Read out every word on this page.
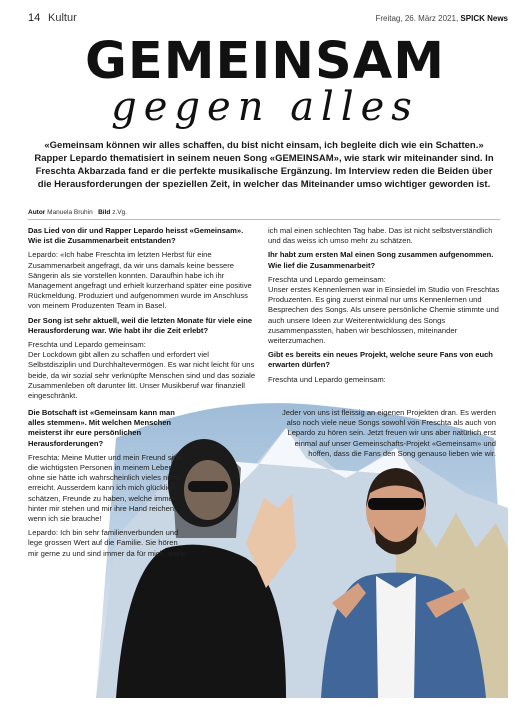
14 Kultur	Freitag, 26. März 2021, SPICK News
GEMEINSAM
gegen alles
«Gemeinsam können wir alles schaffen, du bist nicht einsam, ich begleite dich wie ein Schatten.» Rapper Lepardo thematisiert in seinem neuen Song «GEMEINSAM», wie stark wir miteinander sind. In Freschta Akbarzada fand er die perfekte musikalische Ergänzung. Im Interview reden die Beiden über die Herausforderungen der speziellen Zeit, in welcher das Miteinander umso wichtiger geworden ist.
Autor Manuela Bruhin Bild z.Vg.

Das Lied von dir und Rapper Lepardo heisst «Gemeinsam». Wie ist die Zusammenarbeit entstanden?

Lepardo: «Ich habe Freschta im letzten Herbst für eine Zusammenarbeit angefragt, da wir uns damals keine bessere Sängerin als sie vorstellen konnten. Daraufhin habe ich ihr Management angefragt und erhielt kurzerhand später eine positive Rückmeldung. Produziert und aufgenommen wurde im Anschluss von meinem Produzenten Team in Basel.

Der Song ist sehr aktuell, weil die letzten Monate für viele eine Herausforderung war. Wie habt ihr die Zeit erlebt?

Freschta und Lepardo gemeinsam:

Der Lockdown gibt allen zu schaffen und erfordert viel Selbstdisziplin und Durchhaltevermögen. Es war nicht leicht für uns beide, da wir sozial sehr verknüpfte Menschen sind und das soziale Zusammenleben oft darunter litt. Unser Musikberuf war finanziell eingeschränkt.

ich mal einen schlechten Tag habe. Das ist nicht selbstverständlich und das weiss ich umso mehr zu schätzen.

Ihr habt zum ersten Mal einen Song zusammen aufgenommen. Wie lief die Zusammenarbeit?

Freschta und Lepardo gemeinsam:

Unser erstes Kennenlernen war in Einsiedel im Studio von Freschtas Produzenten. Es ging zuerst einmal nur ums Kennenlernen und Besprechen des Songs. Als unsere persönliche Chemie stimmte und auch unsere Ideen zur Weiterentwicklung des Songs zusammenpassten, haben wir beschlossen, miteinander weiterzumachen.

Gibt es bereits ein neues Projekt, welche seure Fans von euch erwarten dürfen?

Freschta und Lepardo gemeinsam:

Die Botschaft ist «Gemeinsam kann man alles stemmen». Mit welchen Menschen meisterst ihr eure persönlichen Herausforderungen?

Freschta: Meine Mutter und mein Freund sind die wichtigsten Personen in meinem Leben, ohne sie hätte ich wahrscheinlich vieles nicht erreicht. Ausserdem kann ich mich glücklich schätzen, Freunde zu haben, welche immer hinter mir stehen und mir ihre Hand reichen, wenn ich sie brauche!

Lepardo: Ich bin sehr familienverbunden und lege grossen Wert auf die Familie. Sie hören mir gerne zu und sind immer da für mich, wenn

Jeder von uns ist fleissig an eigenen Projekten dran. Es werden also noch viele neue Songs sowohl von Freschta als auch von Lepardo zu hören sein. Jetzt freuen wir uns aber natürlich erst einmal auf unser Gemeinschafts-Projekt «Gemeinsam» und hoffen, dass die Fans den Song genauso lieben wie wir.
